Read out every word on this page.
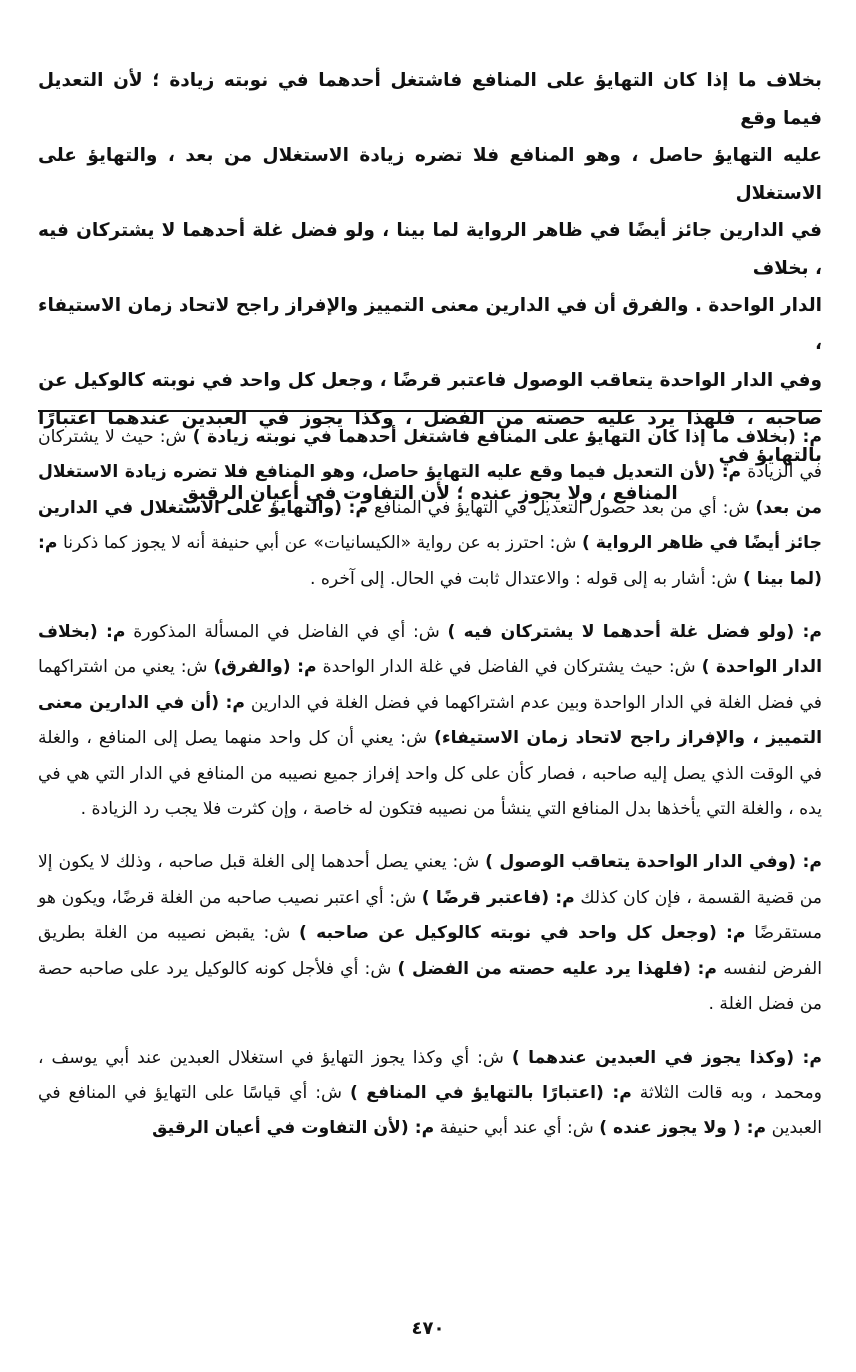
بخلاف ما إذا كان التهايؤ على المنافع فاشتغل أحدهما في نوبته زيادة ؛ لأن التعديل فيما وقع

عليه التهايؤ حاصل ، وهو المنافع فلا تضره زيادة الاستغلال من بعد ، والتهايؤ على الاستغلال

في الدارين جائز أيضًا في ظاهر الرواية لما بينا ، ولو فضل غلة أحدهما لا يشتركان فيه ، بخلاف

الدار الواحدة . والفرق أن في الدارين معنى التمييز والإفراز راجح لاتحاد زمان الاستيفاء ،

وفي الدار الواحدة يتعاقب الوصول فاعتبر قرضًا ، وجعل كل واحد في نوبته كالوكيل عن

صاحبه ، فلهذا يرد عليه حصته من الفضل ، وكذا يجوز في العبدين عندهما اعتبارًا بالتهايؤ في

المنافع ، ولا يجوز عنده ؛ لأن التفاوت في أعيان الرقيق

م: (بخلاف ما إذا كان التهايؤ على المنافع فاشتغل أحدهما في نوبته زيادة ) ش: حيث لا يشتركان في الزيادة م: (لأن التعديل فيما وقع عليه التهايؤ حاصل، وهو المنافع فلا تضره زيادة الاستغلال من بعد) ش: أي من بعد حصول التعديل في التهايؤ في المنافع م: (والتهايؤ على الاستغلال في الدارين جائز أيضًا في ظاهر الرواية ) ش: احترز به عن رواية «الكيسانيات» عن أبي حنيفة أنه لا يجوز كما ذكرنا م: (لما بينا ) ش: أشار به إلى قوله : والاعتدال ثابت في الحال. إلى آخره .

م: (ولو فضل غلة أحدهما لا يشتركان فيه ) ش: أي في الفاضل في المسألة المذكورة م: (بخلاف الدار الواحدة ) ش: حيث يشتركان في الفاضل في غلة الدار الواحدة م: (والفرق) ش: يعني من اشتراكهما في فضل الغلة في الدار الواحدة وبين عدم اشتراكهما في فضل الغلة في الدارين م: (أن في الدارين معنى التمييز ، والإفراز راجح لاتحاد زمان الاستيفاء) ش: يعني أن كل واحد منهما يصل إلى المنافع ، والغلة في الوقت الذي يصل إليه صاحبه ، فصار كأن على كل واحد إفراز جميع نصيبه من المنافع في الدار التي هي في يده ، والغلة التي يأخذها بدل المنافع التي ينشأ من نصيبه فتكون له خاصة ، وإن كثرت فلا يجب رد الزيادة .

م: (وفي الدار الواحدة يتعاقب الوصول ) ش: يعني يصل أحدهما إلى الغلة قبل صاحبه ، وذلك لا يكون إلا من قضية القسمة ، فإن كان كذلك م: (فاعتبر قرضًا ) ش: أي اعتبر نصيب صاحبه من الغلة قرضًا، ويكون هو مستقرضًا م: (وجعل كل واحد في نوبته كالوكيل عن صاحبه ) ش: يقبض نصيبه من الغلة بطريق الفرض لنفسه م: (فلهذا يرد عليه حصته من الفضل ) ش: أي فلأجل كونه كالوكيل يرد على صاحبه حصة من فضل الغلة .

م: (وكذا يجوز في العبدين عندهما ) ش: أي وكذا يجوز التهايؤ في استغلال العبدين عند أبي يوسف ، ومحمد ، وبه قالت الثلاثة م: (اعتبارًا بالتهايؤ في المنافع ) ش: أي قياسًا على التهايؤ في المنافع في العبدين م: ( ولا يجوز عنده ) ش: أي عند أبي حنيفة م: (لأن التفاوت في أعيان الرقيق

٤٧٠
